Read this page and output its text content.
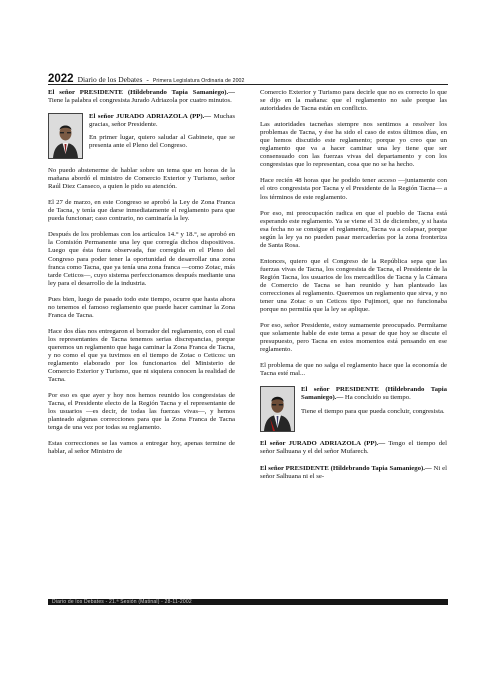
2022 Diario de los Debates - Primera Legislatura Ordinaria de 2002

El señor PRESIDENTE (Hildebrando Tapia Samaniego).— Tiene la palabra el congresista Jurado Adriazola por cuatro minutos.

El señor JURADO ADRIAZOLA (PP).— Muchas gracias, señor Presidente.

En primer lugar, quiero saludar al Gabinete, que se presenta ante el Pleno del Congreso.

No puedo abstenerme de hablar sobre un tema que en horas de la mañana abordó el ministro de Comercio Exterior y Turismo, señor Raúl Diez Canseco, a quien le pido su atención.

El 27 de marzo, en este Congreso se aprobó la Ley de Zona Franca de Tacna, y tenía que darse inmediatamente el reglamento para que pueda funcionar; caso contrario, no caminaría la ley.

Después de los problemas con los artículos 14.° y 18.°, se aprobó en la Comisión Permanente una ley que corregía dichos dispositivos. Luego que ésta fuera observada, fue corregida en el Pleno del Congreso para poder tener la oportunidad de desarrollar una zona franca como Tacna, que ya tenía una zona franca —como Zotac, más tarde Ceticos—, cuyo sistema perfeccionamos después mediante una ley para el desarrollo de la industria.

Pues bien, luego de pasado todo este tiempo, ocurre que hasta ahora no tenemos el famoso reglamento que puede hacer caminar la Zona Franca de Tacna.

Hace dos días nos entregaron el borrador del reglamento, con el cual los representantes de Tacna tenemos serias discrepancias, porque queremos un reglamento que haga caminar la Zona Franca de Tacna, y no como el que ya tuvimos en el tiempo de Zotac o Ceticos: un reglamento elaborado por los funcionarios del Ministerio de Comercio Exterior y Turismo, que ni siquiera conocen la realidad de Tacna.

Por eso es que ayer y hoy nos hemos reunido los congresistas de Tacna, el Presidente electo de la Región Tacna y el representante de los usuarios —es decir, de todas las fuerzas vivas—, y hemos planteado algunas correcciones para que la Zona Franca de Tacna tenga de una vez por todas su reglamento.

Estas correcciones se las vamos a entregar hoy, apenas termine de hablar, al señor Ministro de

Comercio Exterior y Turismo para decirle que no es correcto lo que se dijo en la mañana: que el reglamento no sale porque las autoridades de Tacna están en conflicto.

Las autoridades tacneñas siempre nos sentimos a resolver los problemas de Tacna, y ése ha sido el caso de estos últimos días, en que hemos discutido este reglamento; porque yo creo que un reglamento que va a hacer caminar una ley tiene que ser consensuado con las fuerzas vivas del departamento y con los congresistas que lo representan, cosa que no se ha hecho.

Hace recién 48 horas que he podido tener acceso —juntamente con el otro congresista por Tacna y el Presidente de la Región Tacna— a los términos de este reglamento.

Por eso, mi preocupación radica en que el pueblo de Tacna está esperando este reglamento. Ya se viene el 31 de diciembre, y si hasta esa fecha no se consigue el reglamento, Tacna va a colapsar, porque según la ley ya no pueden pasar mercaderías por la zona fronteriza de Santa Rosa.

Entonces, quiero que el Congreso de la República sepa que las fuerzas vivas de Tacna, los congresista de Tacna, el Presidente de la Región Tacna, los usuarios de los mercadillos de Tacna y la Cámara de Comercio de Tacna se han reunido y han planteado las correcciones al reglamento. Queremos un reglamento que sirva, y no tener una Zotac o un Ceticos tipo Fujimori, que no funcionaba porque no permitía que la ley se aplique.

Por eso, señor Presidente, estoy sumamente preocupado. Permítame que solamente hable de este tema a pesar de que hoy se discute el presupuesto, pero Tacna en estos momentos está pensando en ese reglamento.

El problema de que no salga el reglamento hace que la economía de Tacna esté mal...

El señor PRESIDENTE (Hildebrando Tapia Samaniego).— Ha concluido su tiempo.

Tiene el tiempo para que pueda concluir, congresista.

El señor JURADO ADRIAZOLA (PP).— Tengo el tiempo del señor Salhuana y el del señor Mufarech.

El señor PRESIDENTE (Hildebrando Tapia Samaniego).— Ni el señor Salhuana ni el se-

Diario de los Debates - 21.ª Sesión (Matinal) - 28-11-2002
